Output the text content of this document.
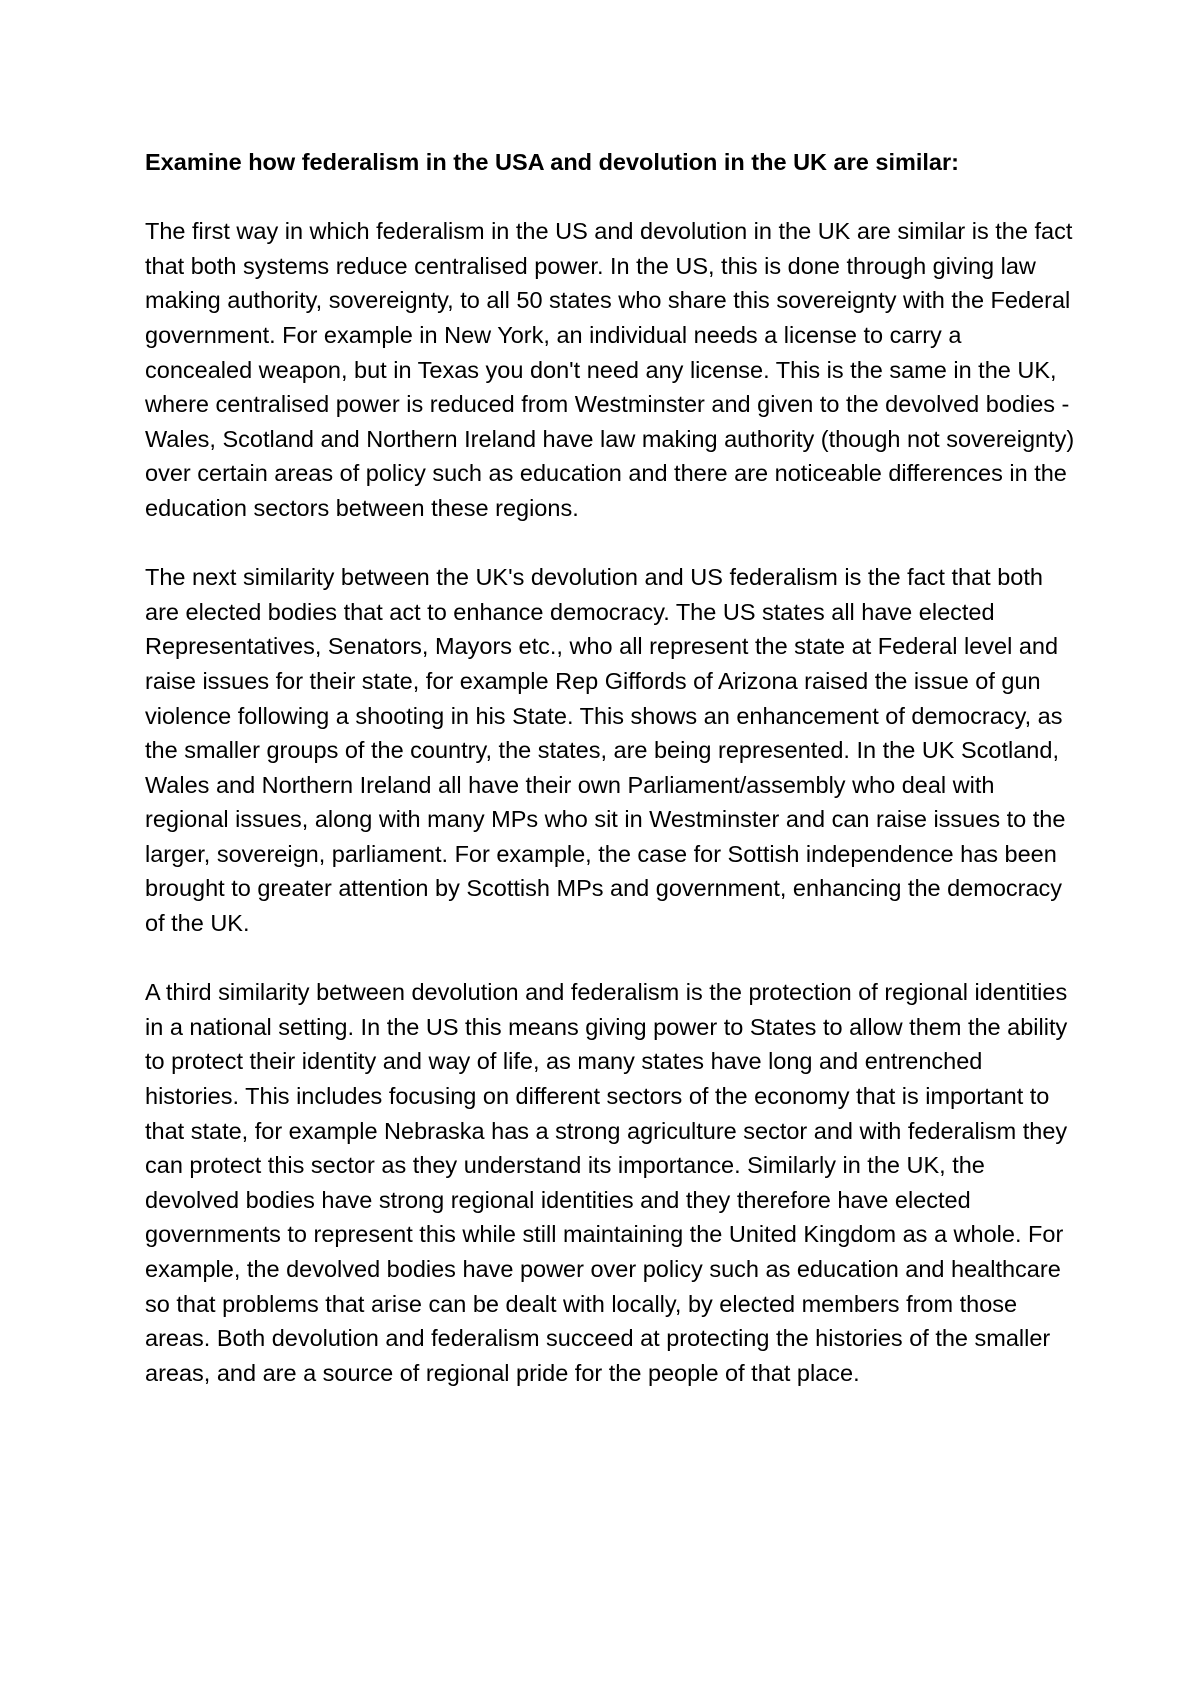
Examine how federalism in the USA and devolution in the UK are similar:

The first way in which federalism in the US and devolution in the UK are similar is the fact that both systems reduce centralised power. In the US, this is done through giving law making authority, sovereignty, to all 50 states who share this sovereignty with the Federal government. For example in New York, an individual needs a license to carry a concealed weapon, but in Texas you don't need any license. This is the same in the UK, where centralised power is reduced from Westminster and given to the devolved bodies - Wales, Scotland and Northern Ireland have law making authority (though not sovereignty) over certain areas of policy such as education and there are noticeable differences in the education sectors between these regions.

The next similarity between the UK's devolution and US federalism is the fact that both are elected bodies that act to enhance democracy. The US states all have elected Representatives, Senators, Mayors etc., who all represent the state at Federal level and raise issues for their state, for example Rep Giffords of Arizona raised the issue of gun violence following a shooting in his State. This shows an enhancement of democracy, as the smaller groups of the country, the states, are being represented. In the UK Scotland, Wales and Northern Ireland all have their own Parliament/assembly who deal with regional issues, along with many MPs who sit in Westminster and can raise issues to the larger, sovereign, parliament. For example, the case for Sottish independence has been brought to greater attention by Scottish MPs and government, enhancing the democracy of the UK.

A third similarity between devolution and federalism is the protection of regional identities in a national setting. In the US this means giving power to States to allow them the ability to protect their identity and way of life, as many states have long and entrenched histories. This includes focusing on different sectors of the economy that is important to that state, for example Nebraska has a strong agriculture sector and with federalism they can protect this sector as they understand its importance. Similarly in the UK, the devolved bodies have strong regional identities and they therefore have elected governments to represent this while still maintaining the United Kingdom as a whole. For example, the devolved bodies have power over policy such as education and healthcare so that problems that arise can be dealt with locally, by elected members from those areas. Both devolution and federalism succeed at protecting the histories of the smaller areas, and are a source of regional pride for the people of that place.
